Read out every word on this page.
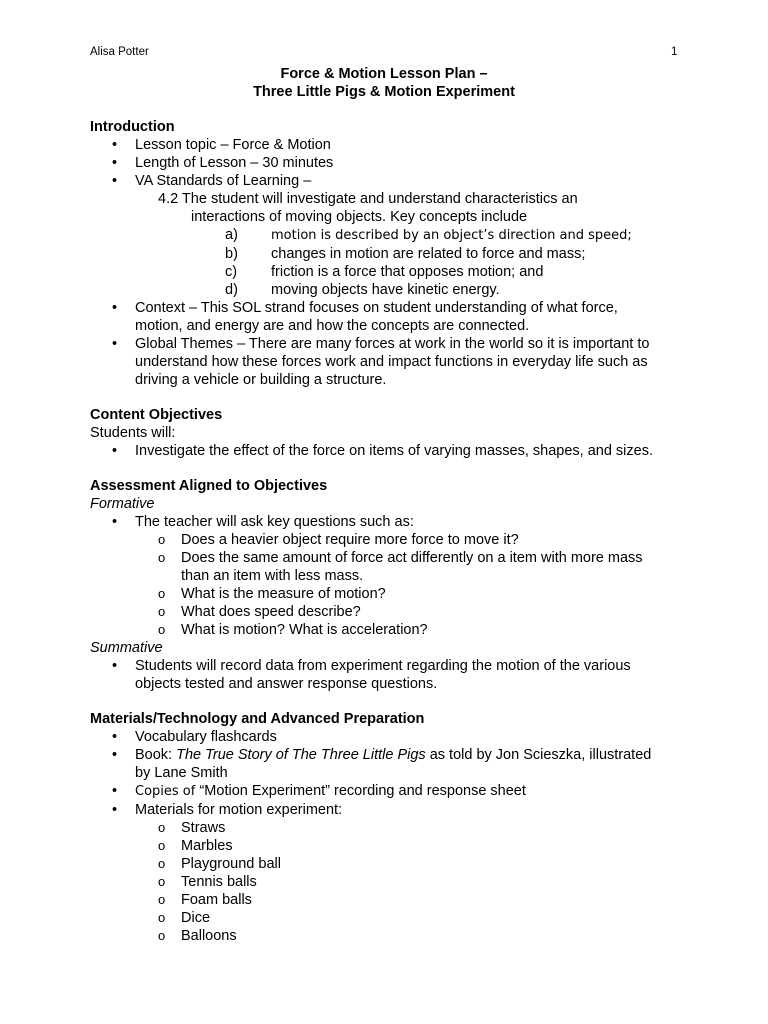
Alisa Potter	1
Force & Motion Lesson Plan –
Three Little Pigs & Motion Experiment
Introduction
• Lesson topic – Force & Motion
• Length of Lesson – 30 minutes
• VA Standards of Learning –
4.2 The student will investigate and understand characteristics an
interactions of moving objects. Key concepts include
a)	motion is described by an object’s direction and speed;
b) changes in motion are related to force and mass;
c) friction is a force that opposes motion; and
d) moving objects have kinetic energy.
• Context – This SOL strand focuses on student understanding of what force,
motion, and energy are and how the concepts are connected.
• Global Themes – There are many forces at work in the world so it is important to
understand how these forces work and impact functions in everyday life such as
driving a vehicle or building a structure.
Content Objectives
Students will:
• Investigate the effect of the force on items of varying masses, shapes, and sizes.
Assessment Aligned to Objectives
Formative
• The teacher will ask key questions such as:
o Does a heavier object require more force to move it?
o Does the same amount of force act differently on a item with more mass
than an item with less mass.
o What is the measure of motion?
o What does speed describe?
o What is motion? What is acceleration?
Summative
• Students will record data from experiment regarding the motion of the various
objects tested and answer response questions.
Materials/Technology and Advanced Preparation
• Vocabulary flashcards
• Book: The True Story of The Three Little Pigs as told by Jon Scieszka, illustrated
by Lane Smith
• Copies of “Motion Experiment” recording and response sheet
• Materials for motion experiment:
o Straws
o Marbles
o Playground ball
o Tennis balls
o Foam balls
o Dice
o Balloons
